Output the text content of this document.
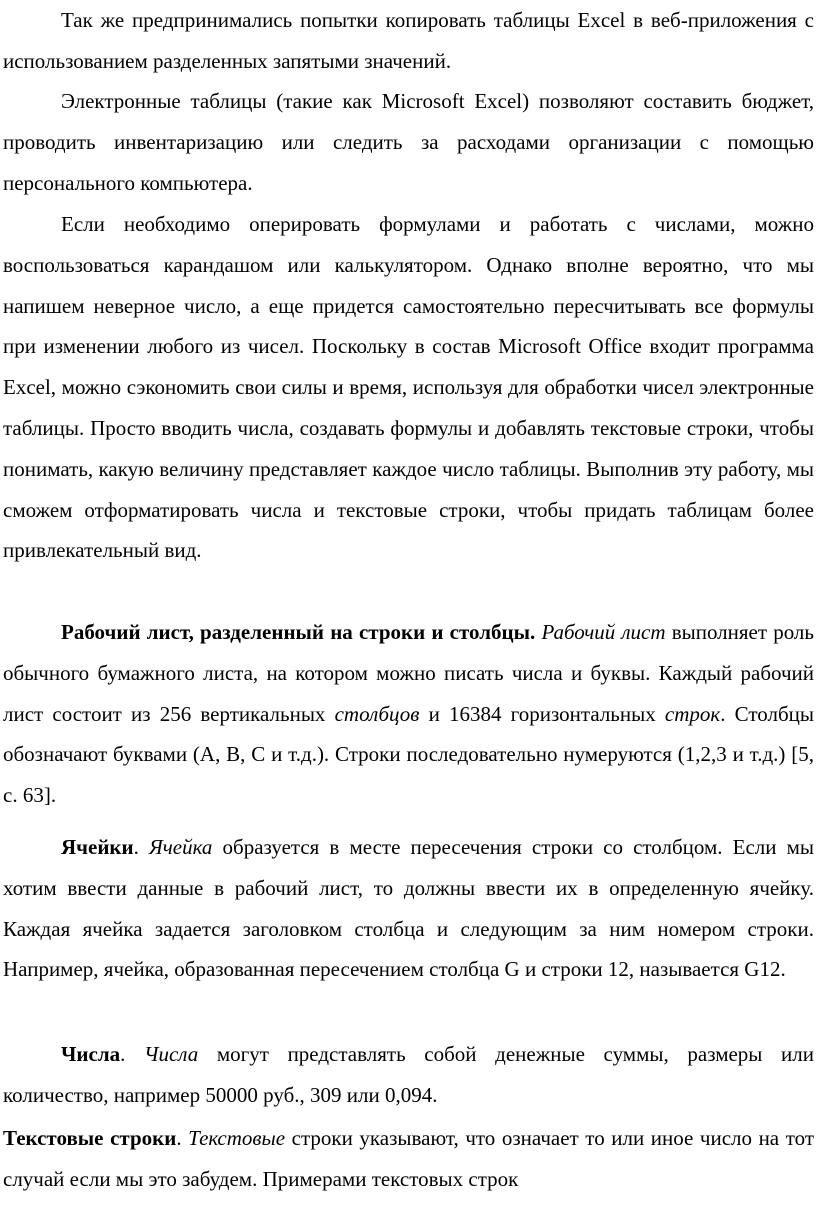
Так же предпринимались попытки копировать таблицы Excel в веб-приложения с использованием разделенных запятыми значений.

Электронные таблицы (такие как Microsoft Excel) позволяют составить бюджет, проводить инвентаризацию или следить за расходами организации с помощью персонального компьютера.

Если необходимо оперировать формулами и работать с числами, можно воспользоваться карандашом или калькулятором. Однако вполне вероятно, что мы напишем неверное число, а еще придется самостоятельно пересчитывать все формулы при изменении любого из чисел. Поскольку в состав Microsoft Office входит программа Excel, можно сэкономить свои силы и время, используя для обработки чисел электронные таблицы. Просто вводить числа, создавать формулы и добавлять текстовые строки, чтобы понимать, какую величину представляет каждое число таблицы. Выполнив эту работу, мы сможем отформатировать числа и текстовые строки, чтобы придать таблицам более привлекательный вид.

Рабочий лист, разделенный на строки и столбцы. Рабочий лист выполняет роль обычного бумажного листа, на котором можно писать числа и буквы. Каждый рабочий лист состоит из 256 вертикальных столбцов и 16384 горизонтальных строк. Столбцы обозначают буквами (А, В, С и т.д.). Строки последовательно нумеруются (1,2,3 и т.д.) [5, с. 63].

Ячейки. Ячейка образуется в месте пересечения строки со столбцом. Если мы хотим ввести данные в рабочий лист, то должны ввести их в определенную ячейку. Каждая ячейка задается заголовком столбца и следующим за ним номером строки. Например, ячейка, образованная пересечением столбца G и строки 12, называется G12.

Числа. Числа могут представлять собой денежные суммы, размеры или количество, например 50000 руб., 309 или 0,094.

Текстовые строки. Текстовые строки указывают, что означает то или иное число на тот случай если мы это забудем. Примерами текстовых строк
